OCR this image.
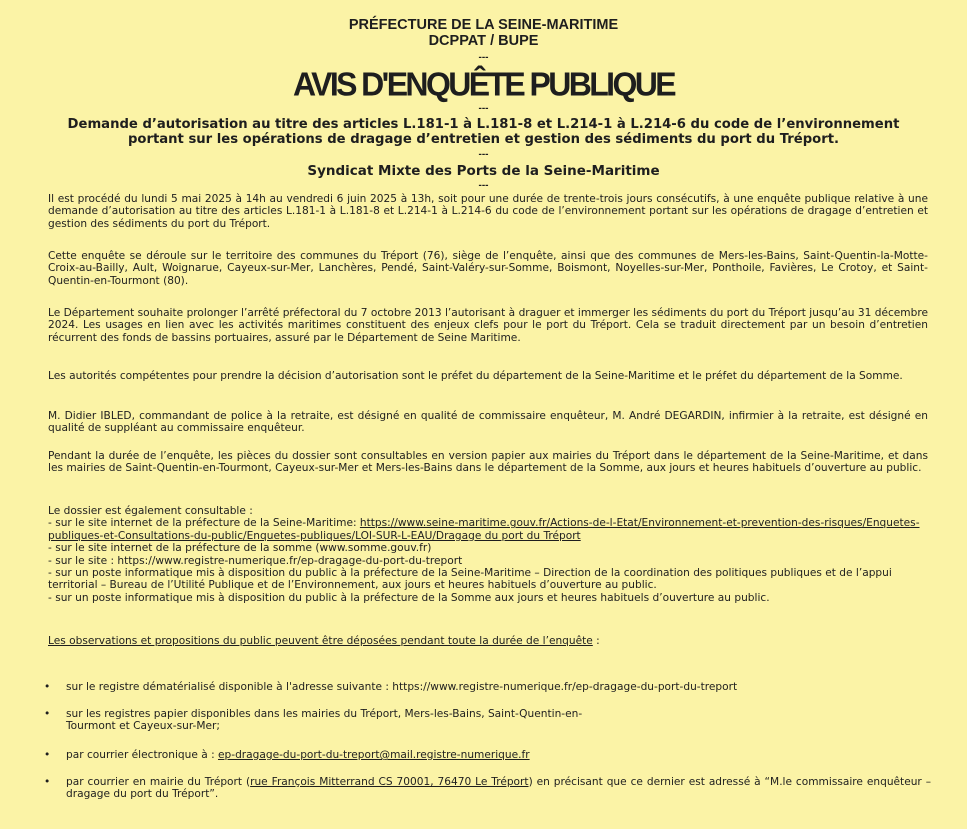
PRÉFECTURE DE LA SEINE-MARITIME
DCPPAT / BUPE
---
AVIS D'ENQUÊTE PUBLIQUE
---
Demande d’autorisation au titre des articles L.181-1 à L.181-8 et L.214-1 à L.214-6 du code de l’environnement portant sur les opérations de dragage d’entretien et gestion des sédiments du port du Tréport.
---
Syndicat Mixte des Ports de la Seine-Maritime
---

Il est procédé du lundi 5 mai 2025 à 14h au vendredi 6 juin 2025 à 13h, soit pour une durée de trente-trois jours consécutifs, à une enquête publique relative à une demande d’autorisation au titre des articles L.181-1 à L.181-8 et L.214-1 à L.214-6 du code de l’environnement portant sur les opérations de dragage d’entretien et gestion des sédiments du port du Tréport.

Cette enquête se déroule sur le territoire des communes du Tréport (76), siège de l’enquête, ainsi que des communes de Mers-les-Bains, Saint-Quentin-la-Motte-Croix-au-Bailly, Ault, Woignarue, Cayeux-sur-Mer, Lanchères, Pendé, Saint-Valéry-sur-Somme, Boismont, Noyelles-sur-Mer, Ponthoile, Favières, Le Crotoy, et Saint-Quentin-en-Tourmont (80).

Le Département souhaite prolonger l’arrêté préfectoral du 7 octobre 2013 l’autorisant à draguer et immerger les sédiments du port du Tréport jusqu’au 31 décembre 2024. Les usages en lien avec les activités maritimes constituent des enjeux clefs pour le port du Tréport. Cela se traduit directement par un besoin d’entretien récurrent des fonds de bassins portuaires, assuré par le Département de Seine Maritime.

Les autorités compétentes pour prendre la décision d’autorisation sont le préfet du département de la Seine-Maritime et le préfet du département de la Somme.

M. Didier IBLED, commandant de police à la retraite, est désigné en qualité de commissaire enquêteur, M. André DEGARDIN, infirmier à la retraite, est désigné en qualité de suppléant au commissaire enquêteur.

Pendant la durée de l’enquête, les pièces du dossier sont consultables en version papier aux mairies du Tréport dans le département de la Seine-Maritime, et dans les mairies de Saint-Quentin-en-Tourmont, Cayeux-sur-Mer et Mers-les-Bains dans le département de la Somme, aux jours et heures habituels d’ouverture au public.

Le dossier est également consultable :

- sur le site internet de la préfecture de la Seine-Maritime: https://www.seine-maritime.gouv.fr/Actions-de-l-Etat/Environnement-et-prevention-des-risques/Enquetes-publiques-et-Consultations-du-public/Enquetes-publiques/LOI-SUR-L-EAU/Dragage du port du Tréport

- sur le site internet de la préfecture de la somme (www.somme.gouv.fr)

- sur le site : https://www.registre-numerique.fr/ep-dragage-du-port-du-treport

- sur un poste informatique mis à disposition du public à la préfecture de la Seine-Maritime – Direction de la coordination des politiques publiques et de l’appui territorial – Bureau de l’Utilité Publique et de l’Environnement, aux jours et heures habituels d’ouverture au public.

- sur un poste informatique mis à disposition du public à la préfecture de la Somme aux jours et heures habituels d’ouverture au public.

Les observations et propositions du public peuvent être déposées pendant toute la durée de l’enquête :

•	sur le registre dématérialisé disponible à l'adresse suivante : https://www.registre-numerique.fr/ep-dragage-du-port-du-treport
•	sur les registres papier disponibles dans les mairies du Tréport, Mers-les-Bains, Saint-Quentin-en-Tourmont et Cayeux-sur-Mer;
•	par courrier électronique à : ep-dragage-du-port-du-treport@mail.registre-numerique.fr
•	par courrier en mairie du Tréport (rue François Mitterrand CS 70001, 76470 Le Tréport) en précisant que ce dernier est adressé à “M.le commissaire enquêteur – dragage du port du Tréport”.
